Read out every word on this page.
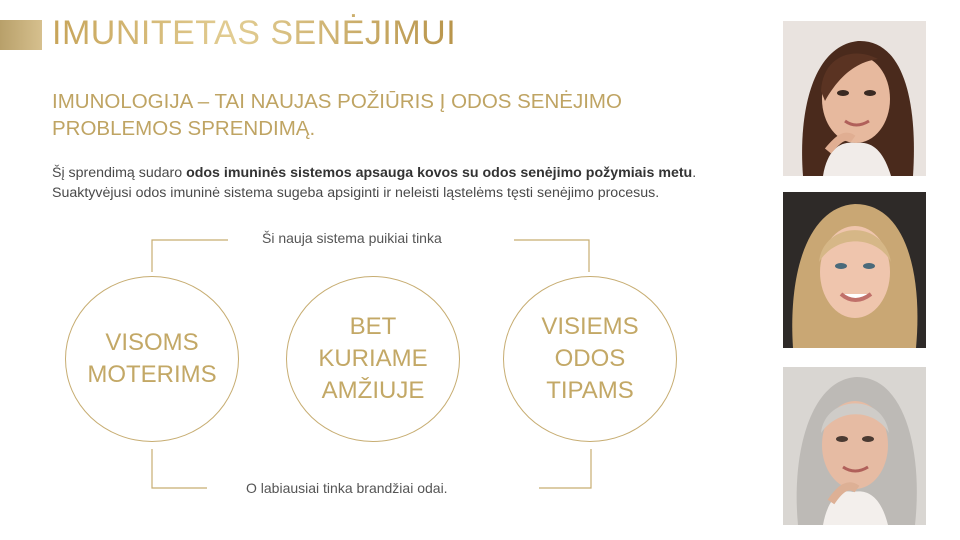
IMUNITETAS SENĖJIMUI

IMUNOLOGIJA – TAI NAUJAS POŽIŪRIS Į ODOS SENĖJIMO PROBLEMOS SPRENDIMĄ.

Šį sprendimą sudaro odos imuninės sistemos apsauga kovos su odos senėjimo požymiais metu. Suaktyvėjusi odos imuninė sistema sugeba apsiginti ir neleisti ląstelėms tęsti senėjimo procesus.

Ši nauja sistema puikiai tinka
O labiausiai tinka brandžiai odai.
VISOMS
MOTERIMS
BET
KURIAME
AMŽIUJE
VISIEMS
ODOS
TIPAMS
